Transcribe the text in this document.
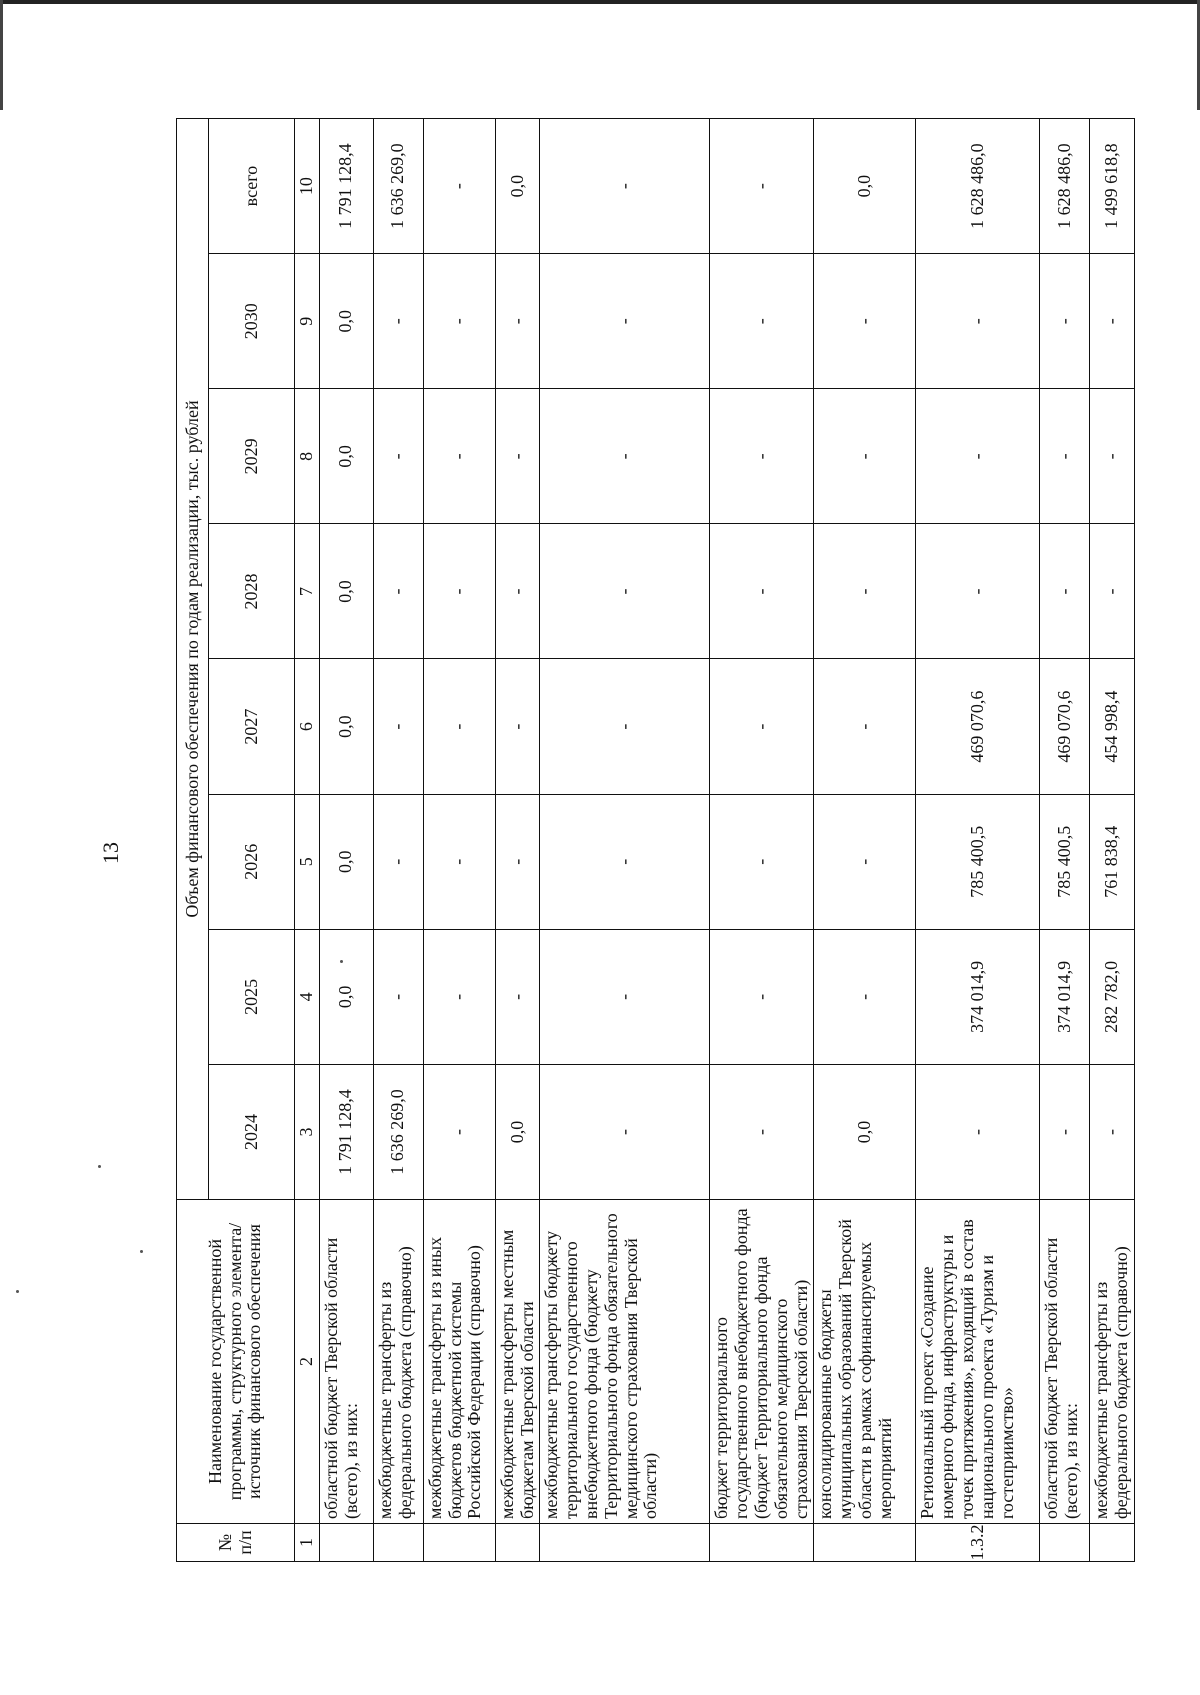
13
№ п/п	Наименование государственной программы, структурного элемента/источник финансового обеспечения	Объем финансового обеспечения по годам реализации, тыс. рублей							
		2024	2025	2026	2027	2028	2029	2030	всего
1	2	3	4	5	6	7	8	9	10
	областной бюджет Тверской области (всего), из них:	1 791 128,4	0,0	0,0	0,0	0,0	0,0	0,0	1 791 128,4
	межбюджетные трансферты из федерального бюджета (справочно)	1 636 269,0	-	-	-	-	-	-	1 636 269,0
	межбюджетные трансферты из иных бюджетов бюджетной системы Российской Федерации (справочно)	-	-	-	-	-	-	-	-
	межбюджетные трансферты местным бюджетам Тверской области	0,0	-	-	-	-	-	-	0,0
	межбюджетные трансферты бюджету территориального государственного внебюджетного фонда (бюджету Территориального фонда обязательного медицинского страхования Тверской области)	-	-	-	-	-	-	-	-
	бюджет территориального государственного внебюджетного фонда (бюджет Территориального фонда обязательного медицинского страхования Тверской области)	-	-	-	-	-	-	-	-
	консолидированные бюджеты муниципальных образований Тверской области в рамках софинансируемых мероприятий	0,0	-	-	-	-	-	-	0,0
1.3.2	Региональный проект «Создание номерного фонда, инфраструктуры и точек притяжения», входящий в состав национального проекта «Туризм и гостеприимство»	-	374 014,9	785 400,5	469 070,6	-	-	-	1 628 486,0
	областной бюджет Тверской области (всего), из них:	-	374 014,9	785 400,5	469 070,6	-	-	-	1 628 486,0
	межбюджетные трансферты из федерального бюджета (справочно)	-	282 782,0	761 838,4	454 998,4	-	-	-	1 499 618,8
